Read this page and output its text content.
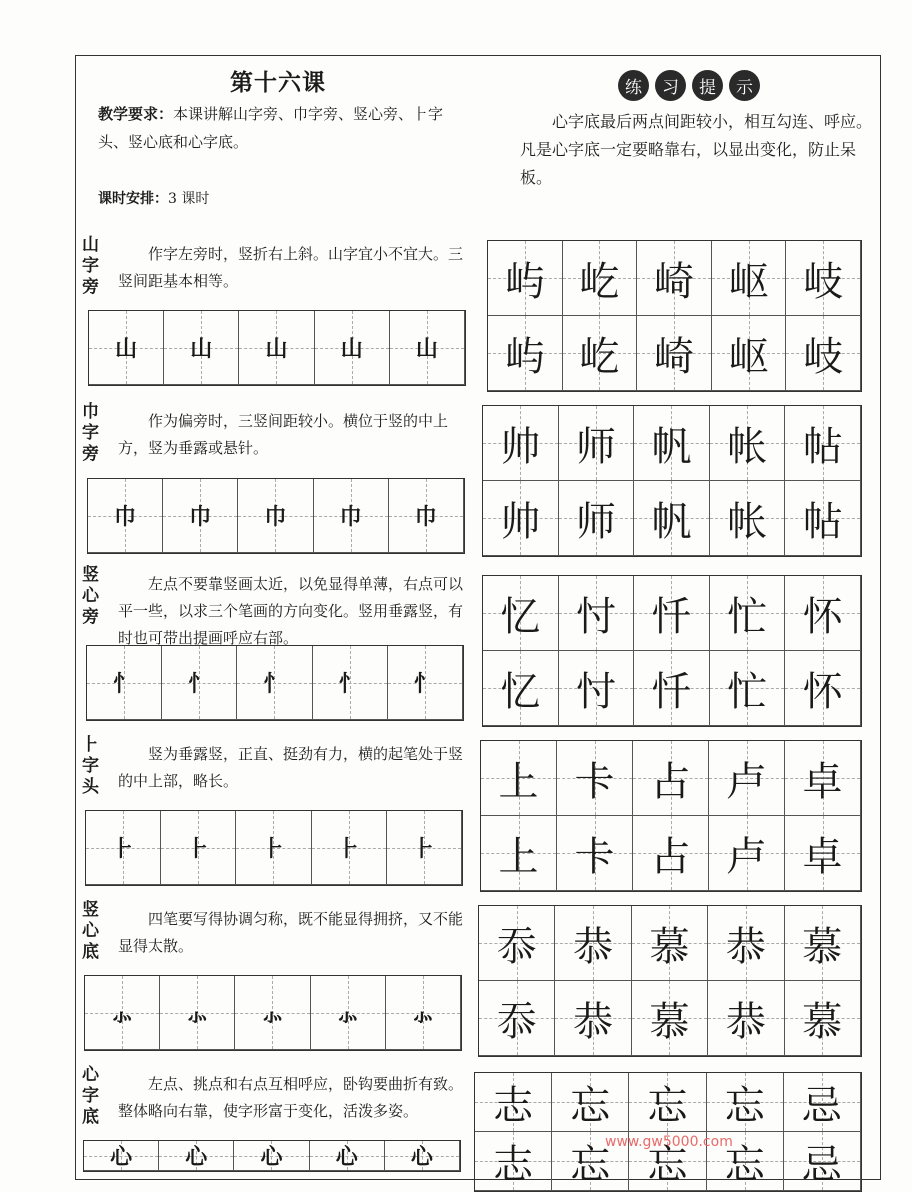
第十六课
教学要求：本课讲解山字旁、巾字旁、竖心旁、⺊字头、竖心底和心字底。
课时安排：3 课时
练	习	提	示
心字底最后两点间距较小，相互勾连、呼应。凡是心字底一定要略靠右，以显出变化，防止呆板。
山字旁
作字左旁时，竖折右上斜。山字宜小不宜大。三竖间距基本相等。
山 山 山 山 山
屿 屹 崎 岖 岐
屿 屹 崎 岖 岐
巾字旁
作为偏旁时，三竖间距较小。横位于竖的中上方，竖为垂露或悬针。
巾 巾 巾 巾 巾
帅 师 帆 帐 帖
帅 师 帆 帐 帖
竖心旁
左点不要靠竖画太近，以免显得单薄，右点可以平一些，以求三个笔画的方向变化。竖用垂露竖，有时也可带出提画呼应右部。
忄 忄 忄 忄 忄
忆 忖 忏 忙 怀
忆 忖 忏 忙 怀
⺊字头
竖为垂露竖，正直、挺劲有力，横的起笔处于竖的中上部，略长。
⺊ ⺊ ⺊ ⺊ ⺊
上 卡 占 卢 卓
上 卡 占 卢 卓
竖心底
四笔要写得协调匀称，既不能显得拥挤，又不能显得太散。
⺗ ⺗ ⺗ ⺗ ⺗
忝 恭 慕 恭 慕
忝 恭 慕 恭 慕
心字底
左点、挑点和右点互相呼应，卧钩要曲折有致。整体略向右靠，使字形富于变化，活泼多姿。
心 心 心 心 心
志 忘 忘 忘 忌
志 忘 忘 忘 忌
www.gw5000.com
